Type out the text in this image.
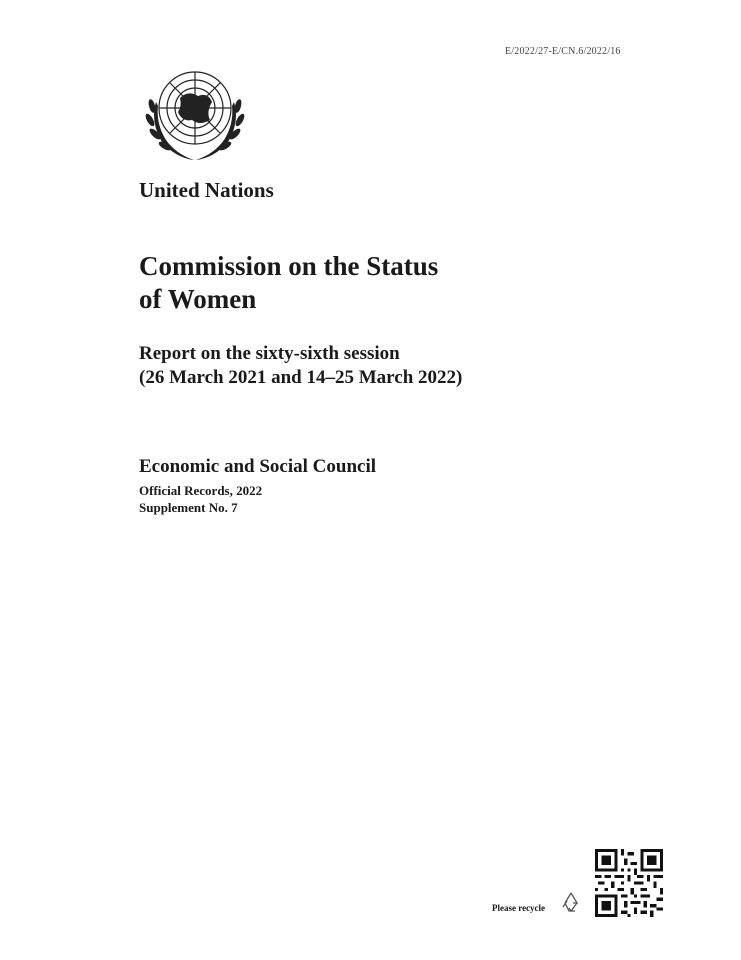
E/2022/27-E/CN.6/2022/16
United Nations
Commission on the Status
of Women
Report on the sixty-sixth session
(26 March 2021 and 14–25 March 2022)
Economic and Social Council
Official Records, 2022
Supplement No. 7
Please recycle
